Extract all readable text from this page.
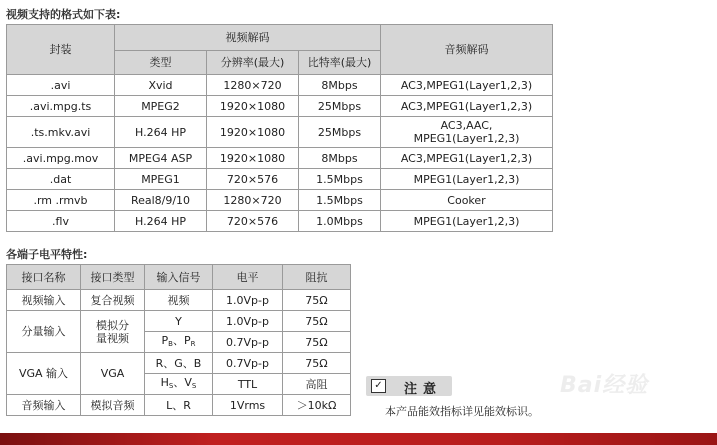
视频支持的格式如下表:
封装	视频解码			音频解码
	类型	分辨率(最大)	比特率(最大)	
.avi	Xvid	1280×720	8Mbps	AC3,MPEG1(Layer1,2,3)
.avi.mpg.ts	MPEG2	1920×1080	25Mbps	AC3,MPEG1(Layer1,2,3)
.ts.mkv.avi	H.264 HP	1920×1080	25Mbps	AC3,AAC,
MPEG1(Layer1,2,3)

.avi.mpg.mov	MPEG4 ASP	1920×1080	8Mbps	AC3,MPEG1(Layer1,2,3)
.dat	MPEG1	720×576	1.5Mbps	MPEG1(Layer1,2,3)
.rm .rmvb	Real8/9/10	1280×720	1.5Mbps	Cooker
.flv	H.264 HP	720×576	1.0Mbps	MPEG1(Layer1,2,3)
各端子电平特性:
接口名称	接口类型	输入信号	电平	阻抗
视频输入	复合视频	视频	1.0Vp-p	75Ω
分量输入	模拟分量视频	Y	1.0Vp-p	75Ω
		$P_B$、$P_R$	0.7Vp-p	75Ω
VGA 输入	VGA	R、G、B	0.7Vp-p	75Ω
		$H_S$、$V_S$	TTL	高阻
音频输入	模拟音频	L、R	1Vrms	＞10kΩ
✓ 注意
本产品能效指标详见能效标识。
Bai经验
